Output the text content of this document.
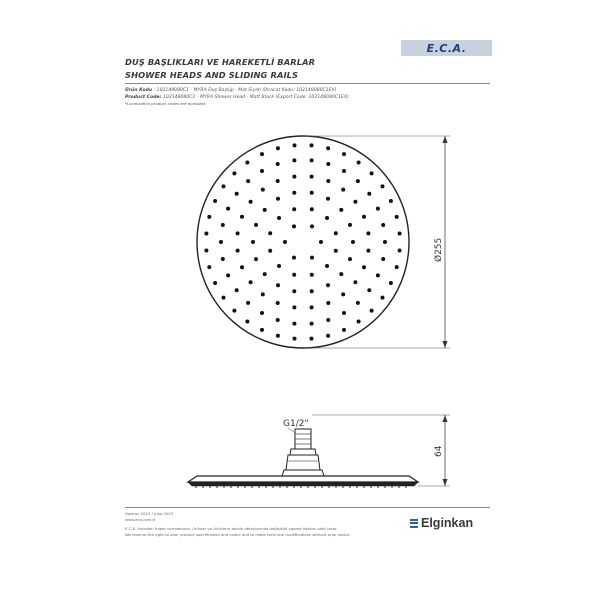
DUŞ BAŞLIKLARI VE HAREKETLİ BARLAR
SHOWER HEADS AND SLIDING RAILS
E.C.A.
Ürün Kodu : 102148080C1 - MYRA Duş Başlığı - Mat Siyah (İhracat Kodu: 102148080C1EX)
Product Code: 102148080C1 - MYRA Shower Head - Matt Black (Export Code: 102148080C1EX)
*Localization product codes are available.
Ø255
G1/2"
64
Haziran 2023 / June 2023
www.eca.com.tr
E.C.A. önceden haber vermeksizin, ürünler ve ürünlerin teknik detaylarında değişiklik yapma hakkını saklı tutar.
We reserve the right to alter product specification and colors and to make technical modifications without prior notice.
Elginkan
